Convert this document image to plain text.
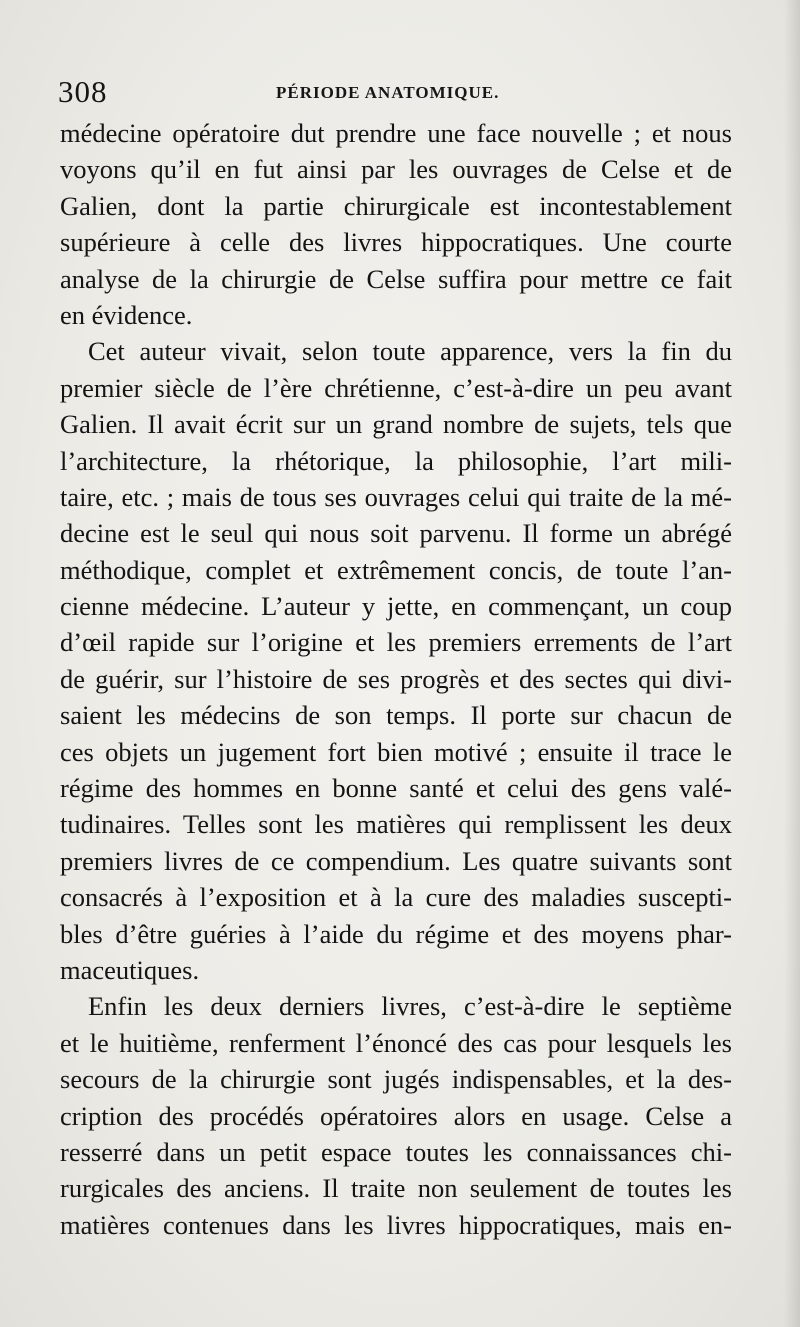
308	PÉRIODE ANATOMIQUE.
médecine opératoire dut prendre une face nouvelle ; et nous
voyons qu’il en fut ainsi par les ouvrages de Celse et de
Galien, dont la partie chirurgicale est incontestablement
supérieure à celle des livres hippocratiques. Une courte
analyse de la chirurgie de Celse suffira pour mettre ce fait
en évidence.
Cet auteur vivait, selon toute apparence, vers la fin du
premier siècle de l’ère chrétienne, c’est-à-dire un peu avant
Galien. Il avait écrit sur un grand nombre de sujets, tels que
l’architecture, la rhétorique, la philosophie, l’art mili-
taire, etc. ; mais de tous ses ouvrages celui qui traite de la mé-
decine est le seul qui nous soit parvenu. Il forme un abrégé
méthodique, complet et extrêmement concis, de toute l’an-
cienne médecine. L’auteur y jette, en commençant, un coup
d’œil rapide sur l’origine et les premiers errements de l’art
de guérir, sur l’histoire de ses progrès et des sectes qui divi-
saient les médecins de son temps. Il porte sur chacun de
ces objets un jugement fort bien motivé ; ensuite il trace le
régime des hommes en bonne santé et celui des gens valé-
tudinaires. Telles sont les matières qui remplissent les deux
premiers livres de ce compendium. Les quatre suivants sont
consacrés à l’exposition et à la cure des maladies suscepti-
bles d’être guéries à l’aide du régime et des moyens phar-
maceutiques.
Enfin les deux derniers livres, c’est-à-dire le septième
et le huitième, renferment l’énoncé des cas pour lesquels les
secours de la chirurgie sont jugés indispensables, et la des-
cription des procédés opératoires alors en usage. Celse a
resserré dans un petit espace toutes les connaissances chi-
rurgicales des anciens. Il traite non seulement de toutes les
matières contenues dans les livres hippocratiques, mais en-
